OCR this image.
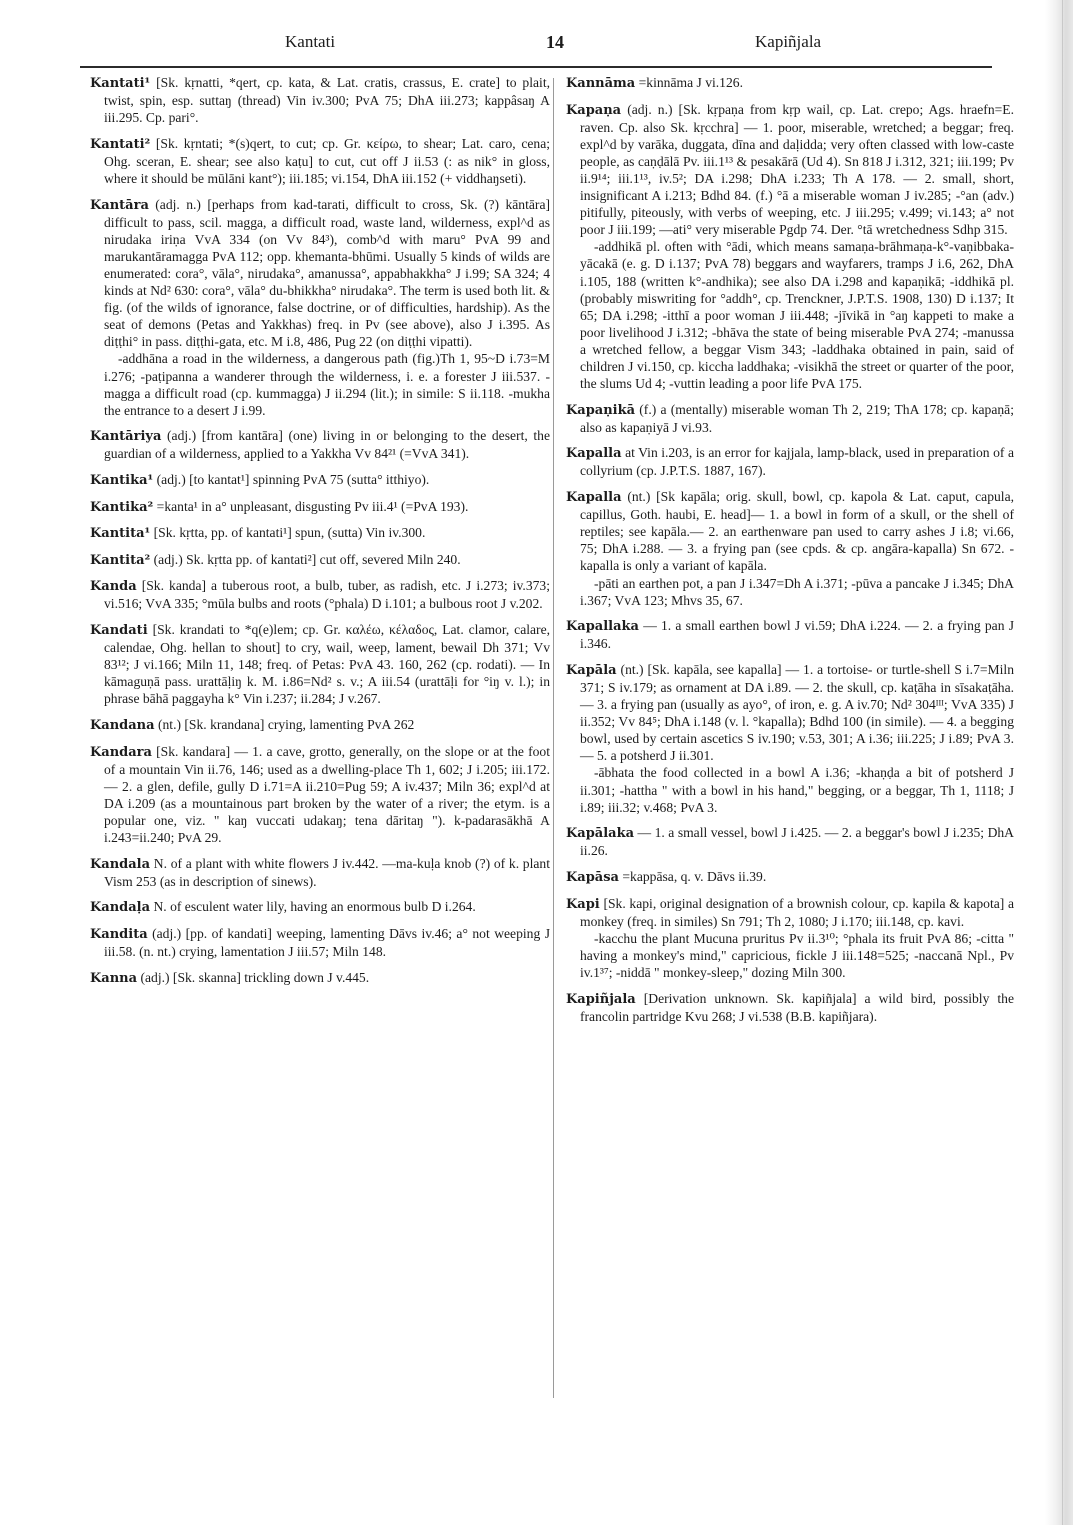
Kantati	14	Kapiñjala

Kantati¹ [Sk. kṛnatti, *qert, cp. kata, & Lat. cratis, crassus, E. crate] to plait, twist, spin, esp. suttaŋ (thread) Vin iv.300; PvA 75; DhA iii.273; kappâsaŋ A iii.295. Cp. pari°.

Kantati² [Sk. kṛntati; *(s)qert, to cut; cp. Gr. κείρω, to shear; Lat. caro, cena; Ohg. sceran, E. shear; see also kaṭu] to cut, cut off J ii.53 (: as nik° in gloss, where it should be mūlāni kant°); iii.185; vi.154, DhA iii.152 (+ viddhaŋseti).

Kantāra (adj. n.) [perhaps from kad-tarati, difficult to cross, Sk. (?) kāntāra] difficult to pass, scil. magga, a difficult road, waste land, wilderness, expl^d as nirudaka iriṇa VvA 334 (on Vv 84³), comb^d with maru° PvA 99 and marukantāramagga PvA 112; opp. khemanta-bhūmi. Usually 5 kinds of wilds are enumerated: cora°, vāla°, nirudaka°, amanussa°, appabhakkha° J i.99; SA 324; 4 kinds at Nd² 630: cora°, vāla° du-bhikkha° nirudaka°. The term is used both lit. & fig. (of the wilds of ignorance, false doctrine, or of difficulties, hardship). As the seat of demons (Petas and Yakkhas) freq. in Pv (see above), also J i.395. As diṭṭhi° in pass. diṭṭhi-gata, etc. M i.8, 486, Pug 22 (on diṭṭhi vipatti).
-addhāna a road in the wilderness, a dangerous path (fig.)Th 1, 95~D i.73=M i.276; -paṭipanna a wanderer through the wilderness, i. e. a forester J iii.537. -magga a difficult road (cp. kummagga) J ii.294 (lit.); in simile: S ii.118. -mukha the entrance to a desert J i.99.

Kantāriya (adj.) [from kantāra] (one) living in or belonging to the desert, the guardian of a wilderness, applied to a Yakkha Vv 84²¹ (=VvA 341).

Kantika¹ (adj.) [to kantat¹] spinning PvA 75 (sutta° itthiyo).

Kantika² =kanta¹ in a° unpleasant, disgusting Pv iii.4¹ (=PvA 193).

Kantita¹ [Sk. kṛtta, pp. of kantati¹] spun, (sutta) Vin iv.300.

Kantita² (adj.) Sk. kṛtta pp. of kantati²] cut off, severed Miln 240.

Kanda [Sk. kanda] a tuberous root, a bulb, tuber, as radish, etc. J i.273; iv.373; vi.516; VvA 335; °mūla bulbs and roots (°phala) D i.101; a bulbous root J v.202.

Kandati [Sk. krandati to *q(e)lem; cp. Gr. καλέω, κέλαδος, Lat. clamor, calare, calendae, Ohg. hellan to shout] to cry, wail, weep, lament, bewail Dh 371; Vv 83¹²; J vi.166; Miln 11, 148; freq. of Petas: PvA 43. 160, 262 (cp. rodati). — In kāmaguṇā pass. urattāḷiŋ k. M. i.86=Nd² s. v.; A iii.54 (urattāḷi for °iŋ v. l.); in phrase bāhā paggayha k° Vin i.237; ii.284; J v.267.

Kandana (nt.) [Sk. krandana] crying, lamenting PvA 262

Kandara [Sk. kandara] — 1. a cave, grotto, generally, on the slope or at the foot of a mountain Vin ii.76, 146; used as a dwelling-place Th 1, 602; J i.205; iii.172. — 2. a glen, defile, gully D i.71=A ii.210=Pug 59; A iv.437; Miln 36; expl^d at DA i.209 (as a mountainous part broken by the water of a river; the etym. is a popular one, viz. " kaŋ vuccati udakaŋ; tena dāritaŋ "). k-padarasākhā A i.243=ii.240; PvA 29.

Kandala N. of a plant with white flowers J iv.442. —ma-kuḷa knob (?) of k. plant Vism 253 (as in description of sinews).

Kandaḷa N. of esculent water lily, having an enormous bulb D i.264.

Kandita (adj.) [pp. of kandati] weeping, lamenting Dāvs iv.46; a° not weeping J iii.58. (n. nt.) crying, lamentation J iii.57; Miln 148.

Kanna (adj.) [Sk. skanna] trickling down J v.445.

Kannāma =kinnāma J vi.126.

Kapaṇa (adj. n.) [Sk. kṛpaṇa from kṛp wail, cp. Lat. crepo; Ags. hraefn=E. raven. Cp. also Sk. kṛcchra] — 1. poor, miserable, wretched; a beggar; freq. expl^d by varāka, duggata, dīna and daḷidda; very often classed with low-caste people, as caṇḍālā Pv. iii.1¹³ & pesakārā (Ud 4). Sn 818 J i.312, 321; iii.199; Pv ii.9¹⁴; iii.1¹³, iv.5²; DA i.298; DhA i.233; Th A 178. — 2. small, short, insignificant A i.213; Bdhd 84. (f.) °ā a miserable woman J iv.285; -°an (adv.) pitifully, piteously, with verbs of weeping, etc. J iii.295; v.499; vi.143; a° not poor J iii.199; —ati° very miserable Pgdp 74. Der. °tā wretchedness Sdhp 315.
-addhikā pl. often with °ādi, which means samaṇa-brāhmaṇa-k°-vaṇibbaka-yācakā (e. g. D i.137; PvA 78) beggars and wayfarers, tramps J i.6, 262, DhA i.105, 188 (written k°-andhika); see also DA i.298 and kapaṇikā; -iddhikā pl. (probably miswriting for °addh°, cp. Trenckner, J.P.T.S. 1908, 130) D i.137; It 65; DA i.298; -itthī a poor woman J iii.448; -jīvikā in °aŋ kappeti to make a poor livelihood J i.312; -bhāva the state of being miserable PvA 274; -manussa a wretched fellow, a beggar Vism 343; -laddhaka obtained in pain, said of children J vi.150, cp. kiccha laddhaka; -visikhā the street or quarter of the poor, the slums Ud 4; -vuttin leading a poor life PvA 175.

Kapaṇikā (f.) a (mentally) miserable woman Th 2, 219; ThA 178; cp. kapaṇā; also as kapaṇiyā J vi.93.

Kapalla at Vin i.203, is an error for kajjala, lamp-black, used in preparation of a collyrium (cp. J.P.T.S. 1887, 167).

Kapalla (nt.) [Sk kapāla; orig. skull, bowl, cp. kapola & Lat. caput, capula, capillus, Goth. haubi, E. head]— 1. a bowl in form of a skull, or the shell of reptiles; see kapāla.— 2. an earthenware pan used to carry ashes J i.8; vi.66, 75; DhA i.288. — 3. a frying pan (see cpds. & cp. angāra-kapalla) Sn 672. -kapalla is only a variant of kapāla.
-pāti an earthen pot, a pan J i.347=Dh A i.371; -pūva a pancake J i.345; DhA i.367; VvA 123; Mhvs 35, 67.

Kapallaka — 1. a small earthen bowl J vi.59; DhA i.224. — 2. a frying pan J i.346.

Kapāla (nt.) [Sk. kapāla, see kapalla] — 1. a tortoise- or turtle-shell S i.7=Miln 371; S iv.179; as ornament at DA i.89. — 2. the skull, cp. kaṭāha in sīsakaṭāha. — 3. a frying pan (usually as ayo°, of iron, e. g. A iv.70; Nd² 304ᴵᴵᴵ; VvA 335) J ii.352; Vv 84⁵; DhA i.148 (v. l. °kapalla); Bdhd 100 (in simile). — 4. a begging bowl, used by certain ascetics S iv.190; v.53, 301; A i.36; iii.225; J i.89; PvA 3. — 5. a potsherd J ii.301.
-ābhata the food collected in a bowl A i.36; -khaṇḍa a bit of potsherd J ii.301; -hattha " with a bowl in his hand," begging, or a beggar, Th 1, 1118; J i.89; iii.32; v.468; PvA 3.

Kapālaka — 1. a small vessel, bowl J i.425. — 2. a beggar's bowl J i.235; DhA ii.26.

Kapāsa =kappāsa, q. v. Dāvs ii.39.

Kapi [Sk. kapi, original designation of a brownish colour, cp. kapila & kapota] a monkey (freq. in similes) Sn 791; Th 2, 1080; J i.170; iii.148, cp. kavi.
-kacchu the plant Mucuna pruritus Pv ii.3¹⁰; °phala its fruit PvA 86; -citta " having a monkey's mind," capricious, fickle J iii.148=525; -naccanā Npl., Pv iv.1³⁷; -niddā " monkey-sleep," dozing Miln 300.

Kapiñjala [Derivation unknown. Sk. kapiñjala] a wild bird, possibly the francolin partridge Kvu 268; J vi.538 (B.B. kapiñjara).
